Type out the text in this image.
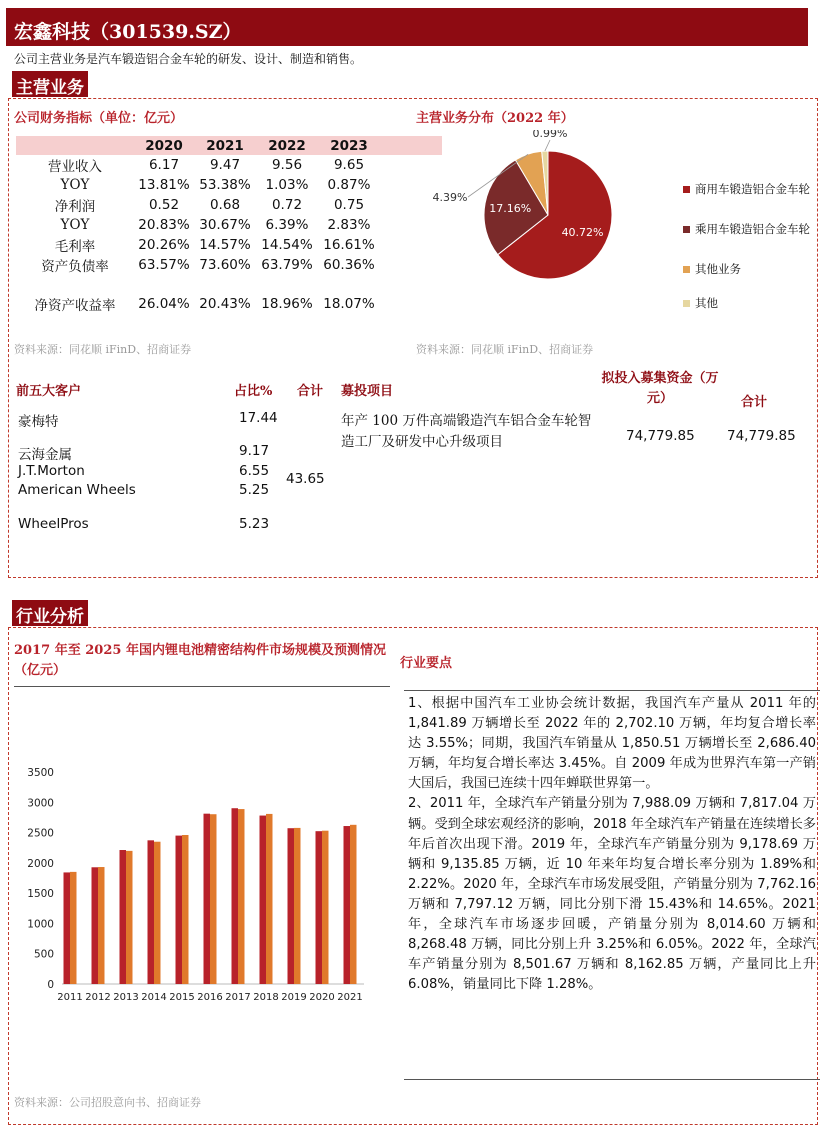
宏鑫科技（301539.SZ）
公司主营业务是汽车锻造铝合金车轮的研发、设计、制造和销售。
主营业务
公司财务指标（单位：亿元）
	2020	2021	2022	2023	
营业收入	6.17	9.47	9.56	9.65	
YOY	13.81%	53.38%	1.03%	0.87%	
净利润	0.52	0.68	0.72	0.75	
YOY	20.83%	30.67%	6.39%	2.83%	
毛利率	20.26%	14.57%	14.54%	16.61%	
资产负债率	63.57%	73.60%	63.79%	60.36%	

净资产收益率	26.04%	20.43%	18.96%	18.07%	
资料来源：同花顺 iFinD、招商证券
主营业务分布（2022 年）
40.72%
17.16%
4.39%
0.99%
商用车锻造铝合金车轮
乘用车锻造铝合金车轮
其他业务
其他
资料来源：同花顺 iFinD、招商证券
前五大客户	占比% 合计
豪梅特	17.44
云海金属	9.17
J.T.Morton	6.55
American Wheels	5.25
WheelPros	5.23
43.65
募投项目
拟投入募集资金（万元）	合计
年产 100 万件高端锻造汽车铝合金车轮智造工厂及研发中心升级项目	74,779.85 74,779.85
行业分析
2017 年至 2025 年国内锂电池精密结构件市场规模及预测情况（亿元）
0
500
1000
1500
2000
2500
3000
3500
2011 2012 2013 2014 2015 2016 2017 2018 2019 2020 2021
资料来源：公司招股意向书、招商证券
行业要点

1、根据中国汽车工业协会统计数据，我国汽车产量从 2011 年的 1,841.89 万辆增长至 2022 年的 2,702.10 万辆，年均复合增长率达 3.55%；同期，我国汽车销量从 1,850.51 万辆增长至 2,686.40 万辆，年均复合增长率达 3.45%。自 2009 年成为世界汽车第一产销大国后，我国已连续十四年蝉联世界第一。

2、2011 年，全球汽车产销量分别为 7,988.09 万辆和 7,817.04 万辆。受到全球宏观经济的影响，2018 年全球汽车产销量在连续增长多年后首次出现下滑。2019 年，全球汽车产销量分别为 9,178.69 万辆和 9,135.85 万辆，近 10 年来年均复合增长率分别为 1.89%和 2.22%。2020 年，全球汽车市场发展受阻，产销量分别为 7,762.16 万辆和 7,797.12 万辆，同比分别下滑 15.43%和 14.65%。2021 年，全球汽车市场逐步回暖，产销量分别为 8,014.60 万辆和 8,268.48 万辆，同比分别上升 3.25%和 6.05%。2022 年，全球汽车产销量分别为 8,501.67 万辆和 8,162.85 万辆，产量同比上升 6.08%，销量同比下降 1.28%。
